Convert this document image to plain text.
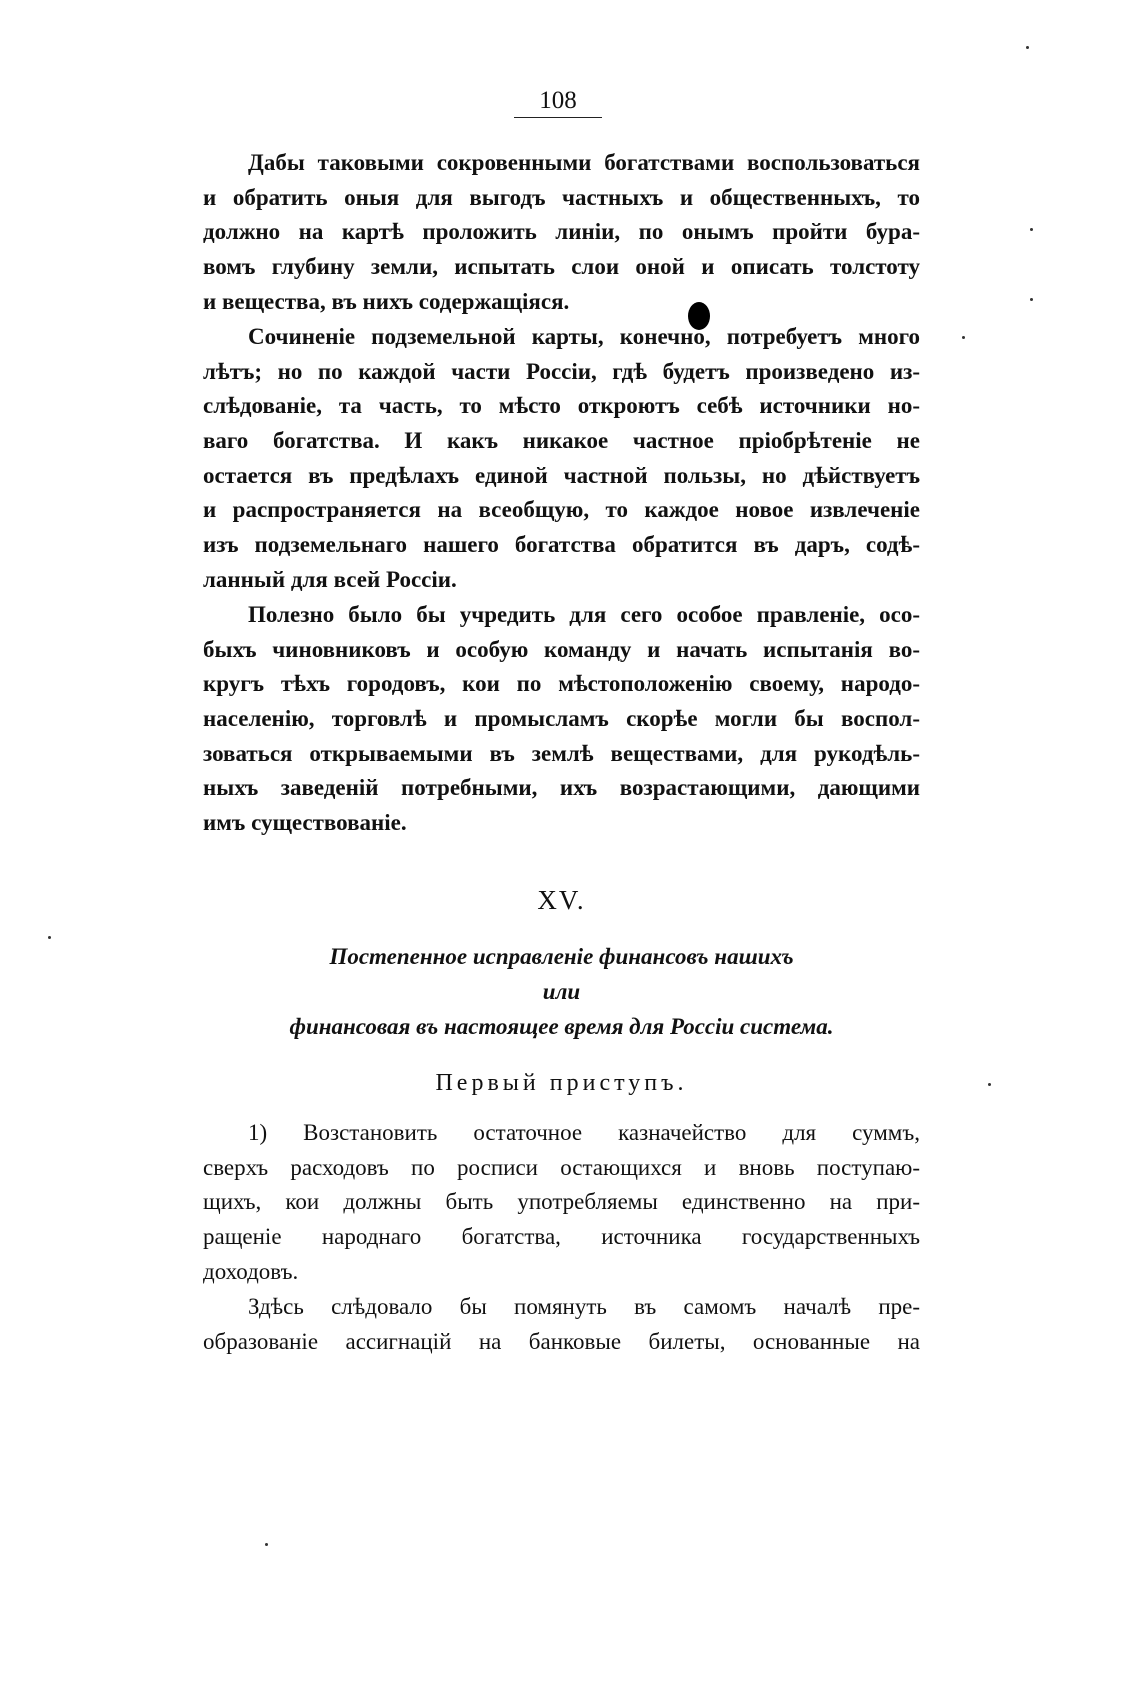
108
Дабы таковыми сокровенными богатствами воспользоваться
и обратить оныя для выгодъ частныхъ и общественныхъ, то
должно на картѣ проложить линіи, по онымъ пройти бура-
вомъ глубину земли, испытать слои оной и описать толстоту
и вещества, въ нихъ содержащіяся.
Сочиненіе подземельной карты, конечно, потребуетъ много
лѣтъ; но по каждой части Россіи, гдѣ будетъ произведено из-
слѣдованіе, та часть, то мѣсто откроютъ себѣ источники но-
ваго богатства. И какъ никакое частное пріобрѣтеніе не
остается въ предѣлахъ единой частной пользы, но дѣйствуетъ
и распространяется на всеобщую, то каждое новое извлеченіе
изъ подземельнаго нашего богатства обратится въ даръ, содѣ-
ланный для всей Россіи.
Полезно было бы учредить для сего особое правленіе, осо-
быхъ чиновниковъ и особую команду и начать испытанія во-
кругъ тѣхъ городовъ, кои по мѣстоположенію своему, народо-
населенію, торговлѣ и промысламъ скорѣе могли бы воспол-
зоваться открываемыми въ землѣ веществами, для рукодѣль-
ныхъ заведеній потребными, ихъ возрастающими, дающими
имъ существованіе.
XV.
Постепенное исправленіе финансовъ нашихъ
или
финансовая въ настоящее время для Россіи система.
Первый приступъ.
1) Возстановить остаточное казначейство для суммъ,
сверхъ расходовъ по росписи остающихся и вновь поступаю-
щихъ, кои должны быть употребляемы единственно на при-
ращеніе народнаго богатства, источника государственныхъ
доходовъ.
Здѣсь слѣдовало бы помянуть въ самомъ началѣ пре-
образованіе ассигнацій на банковые билеты, основанные на
